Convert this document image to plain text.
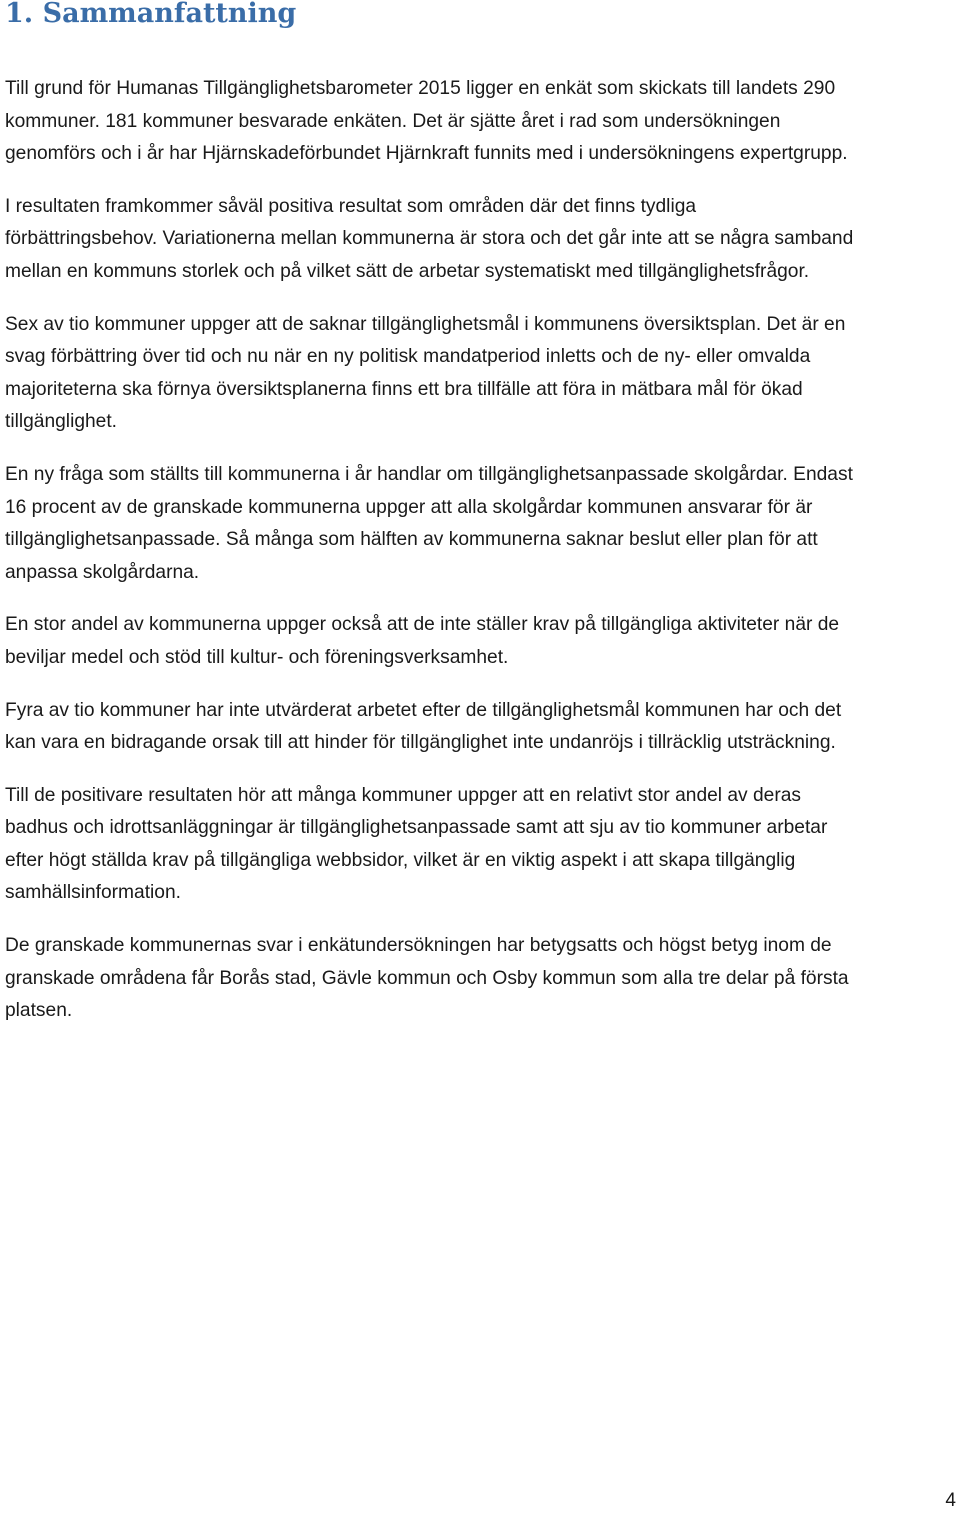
1. Sammanfattning

Till grund för Humanas Tillgänglighetsbarometer 2015 ligger en enkät som skickats till landets 290
kommuner. 181 kommuner besvarade enkäten. Det är sjätte året i rad som undersökningen
genomförs och i år har Hjärnskadeförbundet Hjärnkraft funnits med i undersökningens expertgrupp.

I resultaten framkommer såväl positiva resultat som områden där det finns tydliga
förbättringsbehov. Variationerna mellan kommunerna är stora och det går inte att se några samband
mellan en kommuns storlek och på vilket sätt de arbetar systematiskt med tillgänglighetsfrågor.

Sex av tio kommuner uppger att de saknar tillgänglighetsmål i kommunens översiktsplan. Det är en
svag förbättring över tid och nu när en ny politisk mandatperiod inletts och de ny- eller omvalda
majoriteterna ska förnya översiktsplanerna finns ett bra tillfälle att föra in mätbara mål för ökad
tillgänglighet.

En ny fråga som ställts till kommunerna i år handlar om tillgänglighetsanpassade skolgårdar. Endast
16 procent av de granskade kommunerna uppger att alla skolgårdar kommunen ansvarar för är
tillgänglighetsanpassade. Så många som hälften av kommunerna saknar beslut eller plan för att
anpassa skolgårdarna.

En stor andel av kommunerna uppger också att de inte ställer krav på tillgängliga aktiviteter när de
beviljar medel och stöd till kultur- och föreningsverksamhet.

Fyra av tio kommuner har inte utvärderat arbetet efter de tillgänglighetsmål kommunen har och det
kan vara en bidragande orsak till att hinder för tillgänglighet inte undanröjs i tillräcklig utsträckning.

Till de positivare resultaten hör att många kommuner uppger att en relativt stor andel av deras
badhus och idrottsanläggningar är tillgänglighetsanpassade samt att sju av tio kommuner arbetar
efter högt ställda krav på tillgängliga webbsidor, vilket är en viktig aspekt i att skapa tillgänglig
samhällsinformation.

De granskade kommunernas svar i enkätundersökningen har betygsatts och högst betyg inom de
granskade områdena får Borås stad, Gävle kommun och Osby kommun som alla tre delar på första
platsen.

4
